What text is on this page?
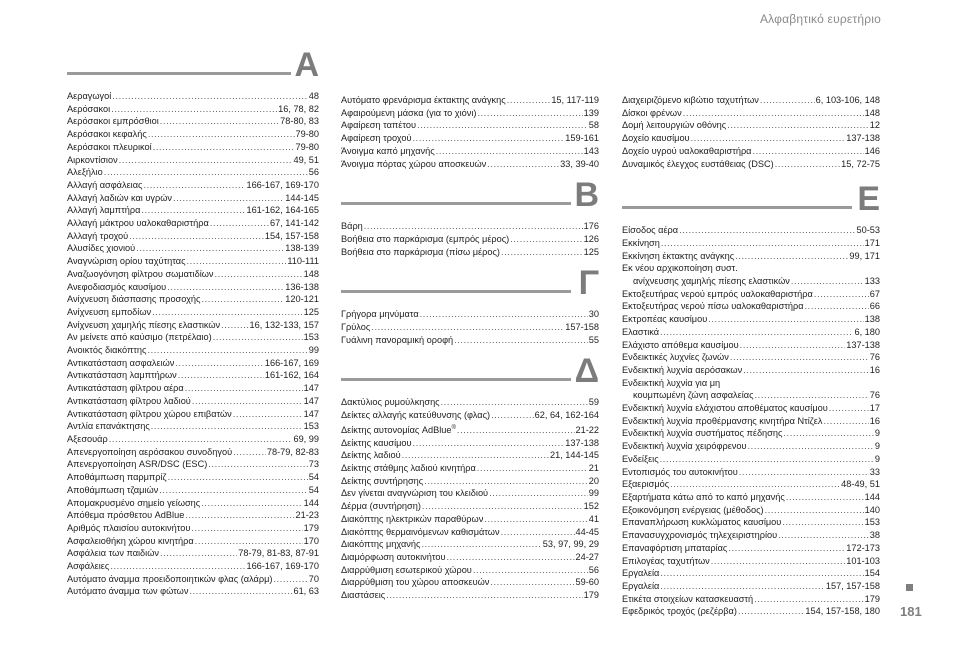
Αλφαβητικό ευρετήριο
Α
Αεραγωγοί .....	48
Αερόσακοι .....	16, 78, 82
Αερόσακοι εμπρόσθιοι .....	78-80, 83
Αερόσακοι κεφαλής .....	79-80
Αερόσακοι πλευρικοί .....	79-80
Αιρκοντίσιον .....	49, 51
Αλεξήλιο .....	56
Αλλαγή ασφάλειας .....	166-167, 169-170
Αλλαγή λαδιών και υγρών .....	144-145
Αλλαγή λαμπτήρα .....	161-162, 164-165
Αλλαγή μάκτρου υαλοκαθαριστήρα .....	67, 141-142
Αλλαγή τροχού .....	154, 157-158
Αλυσίδες χιονιού .....	138-139
Αναγνώριση ορίου ταχύτητας .....	110-111
Αναζωογόνηση φίλτρου σωματιδίων .....	148
Ανεφοδιασμός καυσίμου .....	136-138
Ανίχνευση διάσπασης προσοχής .....	120-121
Ανίχνευση εμποδίων .....	125
Ανίχνευση χαμηλής πίεσης ελαστικών .....	16, 132-133, 157
Αν μείνετε από καύσιμο (πετρέλαιο) .....	153
Ανοικτός διακόπτης .....	99
Αντικατάσταση ασφαλειών .....	166-167, 169
Αντικατάσταση λαμπτήρων .....	161-162, 164
Αντικατάσταση φίλτρου αέρα .....	147
Αντικατάσταση φίλτρου λαδιού .....	147
Αντικατάσταση φίλτρου χώρου επιβατών .....	147
Αντλία επανάκτησης .....	153
Αξεσουάρ .....	69, 99
Απενεργοποίηση αερόσακου συνοδηγού .....	78-79, 82-83
Απενεργοποίηση ASR/DSC (ESC) .....	73
Αποθάμπωση παρμπρίζ .....	54
Αποθάμπωση τζαμιών .....	54
Απομακρυσμένο σημείο γείωσης .....	144
Απόθεμα πρόσθετου AdBlue .....	21-23
Αριθμός πλαισίου αυτοκινήτου .....	179
Ασφαλειοθήκη χώρου κινητήρα .....	170
Ασφάλεια των παιδιών .....	78-79, 81-83, 87-91
Ασφάλειες .....	166-167, 169-170
Αυτόματο άναμμα προειδοποιητικών φλας (αλάρμ) .....	70
Αυτόματο άναμμα των φώτων .....	61, 63
Αυτόματο φρενάρισμα έκτακτης ανάγκης .....	15, 117-119
Αφαιρούμενη μάσκα (για το χιόνι) .....	139
Αφαίρεση ταπέτου .....	58
Αφαίρεση τροχού .....	159-161
Άνοιγμα καπό μηχανής .....	143
Άνοιγμα πόρτας χώρου αποσκευών .....	33, 39-40
Β
Βάρη .....	176
Βοήθεια στο παρκάρισμα (εμπρός μέρος) .....	126
Βοήθεια στο παρκάρισμα (πίσω μέρος) .....	125
Γ
Γρήγορα μηνύματα .....	30
Γρύλος .....	157-158
Γυάλινη πανοραμική οροφή .....	55
Δ
Δακτύλιος ρυμούλκησης .....	59
Δείκτες αλλαγής κατεύθυνσης (φλας) .....	62, 64, 162-164
Δείκτης αυτονομίας AdBlue® .....	21-22
Δείκτης καυσίμου .....	137-138
Δείκτης λαδιού .....	21, 144-145
Δείκτης στάθμης λαδιού κινητήρα .....	21
Δείκτης συντήρησης .....	20
Δεν γίνεται αναγνώριση του κλειδιού .....	99
Δέρμα (συντήρηση) .....	152
Διακόπτης ηλεκτρικών παραθύρων .....	41
Διακόπτης θερμαινόμενων καθισμάτων .....	44-45
Διακόπτης μηχανής .....	53, 97, 99, 29
Διαμόρφωση αυτοκινήτου .....	24-27
Διαρρύθμιση εσωτερικού χώρου .....	56
Διαρρύθμιση του χώρου αποσκευών .....	59-60
Διαστάσεις .....	179
Διαχειριζόμενο κιβώτιο ταχυτήτων .....	6, 103-106, 148
Δίσκοι φρένων .....	148
Δομή λειτουργιών οθόνης .....	12
Δοχείο καυσίμου .....	137-138
Δοχείο υγρού υαλοκαθαριστήρα .....	146
Δυναμικός έλεγχος ευστάθειας (DSC) .....	15, 72-75
Ε
Είσοδος αέρα .....	50-53
Εκκίνηση .....	171
Εκκίνηση έκτακτης ανάγκης .....	99, 171
Εκ νέου αρχικοποίηση συστ.
ανίχνευσης χαμηλής πίεσης ελαστικών .....	133
Εκτοξευτήρας νερού εμπρός υαλοκαθαριστήρα .....	67
Εκτοξευτήρας νερού πίσω υαλοκαθαριστήρα .....	66
Εκτροπέας καυσίμου .....	138
Ελαστικά .....	6, 180
Ελάχιστο απόθεμα καυσίμου .....	137-138
Ενδεικτικές λυχνίες ζωνών .....	76
Ενδεικτική λυχνία αερόσακων .....	16
Ενδεικτική λυχνία για μη
κουμπωμένη ζώνη ασφαλείας .....	76
Ενδεικτική λυχνία ελάχιστου αποθέματος καυσίμου .....	17
Ενδεικτική λυχνία προθέρμανσης κινητήρα Ντίζελ .....	16
Ενδεικτική λυχνία συστήματος πέδησης .....	9
Ενδεικτική λυχνία χειρόφρενου .....	9
Ενδείξεις .....	9
Εντοπισμός του αυτοκινήτου .....	33
Εξαερισμός .....	48-49, 51
Εξαρτήματα κάτω από το καπό μηχανής .....	144
Εξοικονόμηση ενέργειας (μέθοδος) .....	140
Επαναπλήρωση κυκλώματος καυσίμου .....	153
Επανασυγχρονισμός τηλεχειριστηρίου .....	38
Επαναφόρτιση μπαταρίας .....	172-173
Επιλογέας ταχυτήτων .....	101-103
Εργαλεία .....	154
Εργαλεία .....	157, 157-158
Ετικέτα στοιχείων κατασκευαστή .....	179
Εφεδρικός τροχός (ρεζέρβα) .....	154, 157-158, 180 181
